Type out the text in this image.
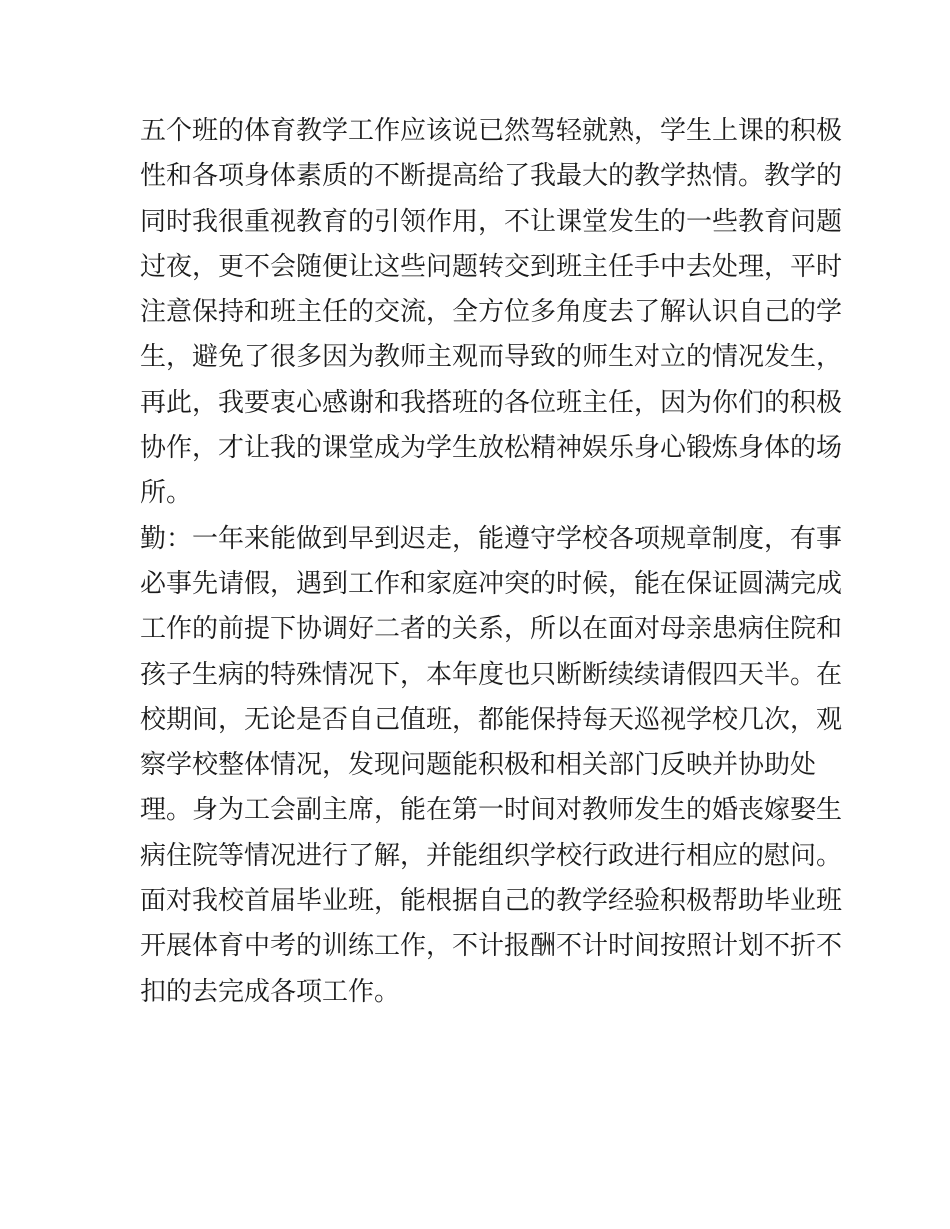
五个班的体育教学工作应该说已然驾轻就熟，学生上课的积极
性和各项身体素质的不断提高给了我最大的教学热情。教学的
同时我很重视教育的引领作用，不让课堂发生的一些教育问题
过夜，更不会随便让这些问题转交到班主任手中去处理，平时
注意保持和班主任的交流，全方位多角度去了解认识自己的学
生，避免了很多因为教师主观而导致的师生对立的情况发生，
再此，我要衷心感谢和我搭班的各位班主任，因为你们的积极
协作，才让我的课堂成为学生放松精神娱乐身心锻炼身体的场
所。
勤：一年来能做到早到迟走，能遵守学校各项规章制度，有事
必事先请假，遇到工作和家庭冲突的时候，能在保证圆满完成
工作的前提下协调好二者的关系，所以在面对母亲患病住院和
孩子生病的特殊情况下，本年度也只断断续续请假四天半。在
校期间，无论是否自己值班，都能保持每天巡视学校几次，观
察学校整体情况，发现问题能积极和相关部门反映并协助处
理。身为工会副主席，能在第一时间对教师发生的婚丧嫁娶生
病住院等情况进行了解，并能组织学校行政进行相应的慰问。
面对我校首届毕业班，能根据自己的教学经验积极帮助毕业班
开展体育中考的训练工作，不计报酬不计时间按照计划不折不
扣的去完成各项工作。
